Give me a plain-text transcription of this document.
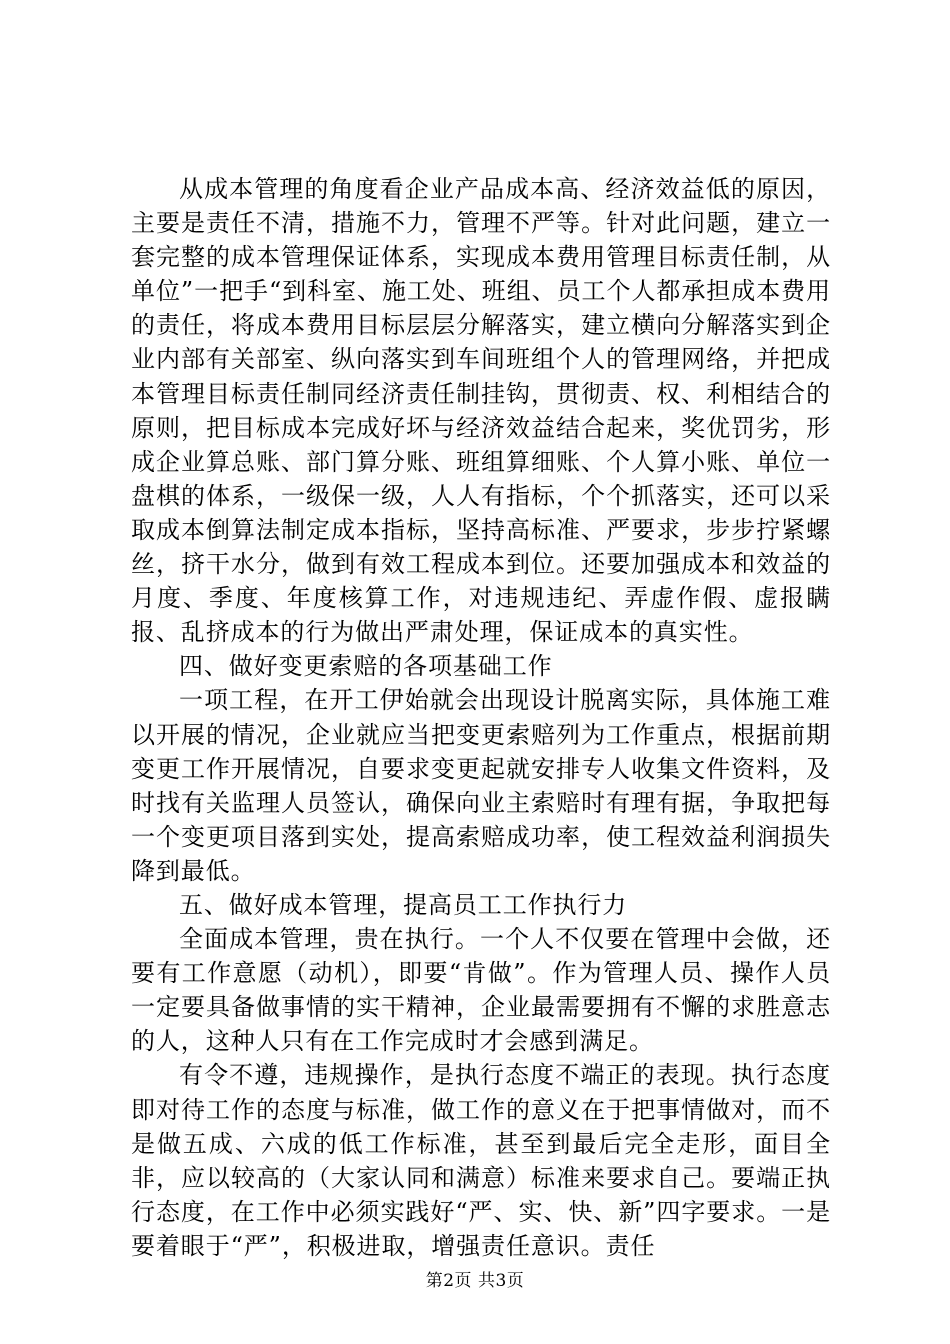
从成本管理的角度看企业产品成本高、经济效益低的原因，主要是责任不清，措施不力，管理不严等。针对此问题，建立一套完整的成本管理保证体系，实现成本费用管理目标责任制，从单位”一把手“到科室、施工处、班组、员工个人都承担成本费用的责任，将成本费用目标层层分解落实，建立横向分解落实到企业内部有关部室、纵向落实到车间班组个人的管理网络，并把成本管理目标责任制同经济责任制挂钩，贯彻责、权、利相结合的原则，把目标成本完成好坏与经济效益结合起来，奖优罚劣，形成企业算总账、部门算分账、班组算细账、个人算小账、单位一盘棋的体系，一级保一级，人人有指标，个个抓落实，还可以采取成本倒算法制定成本指标，坚持高标准、严要求，步步拧紧螺丝，挤干水分，做到有效工程成本到位。还要加强成本和效益的月度、季度、年度核算工作，对违规违纪、弄虚作假、虚报瞒报、乱挤成本的行为做出严肃处理，保证成本的真实性。

四、做好变更索赔的各项基础工作

一项工程，在开工伊始就会出现设计脱离实际，具体施工难以开展的情况，企业就应当把变更索赔列为工作重点，根据前期变更工作开展情况，自要求变更起就安排专人收集文件资料，及时找有关监理人员签认，确保向业主索赔时有理有据，争取把每一个变更项目落到实处，提高索赔成功率，使工程效益利润损失降到最低。

五、做好成本管理，提高员工工作执行力

全面成本管理，贵在执行。一个人不仅要在管理中会做，还要有工作意愿（动机），即要“肯做”。作为管理人员、操作人员一定要具备做事情的实干精神，企业最需要拥有不懈的求胜意志的人，这种人只有在工作完成时才会感到满足。

有令不遵，违规操作，是执行态度不端正的表现。执行态度即对待工作的态度与标准，做工作的意义在于把事情做对，而不是做五成、六成的低工作标准，甚至到最后完全走形，面目全非，应以较高的（大家认同和满意）标准来要求自己。要端正执行态度，在工作中必须实践好“严、实、快、新”四字要求。一是要着眼于“严”，积极进取，增强责任意识。责任

第2页 共3页
